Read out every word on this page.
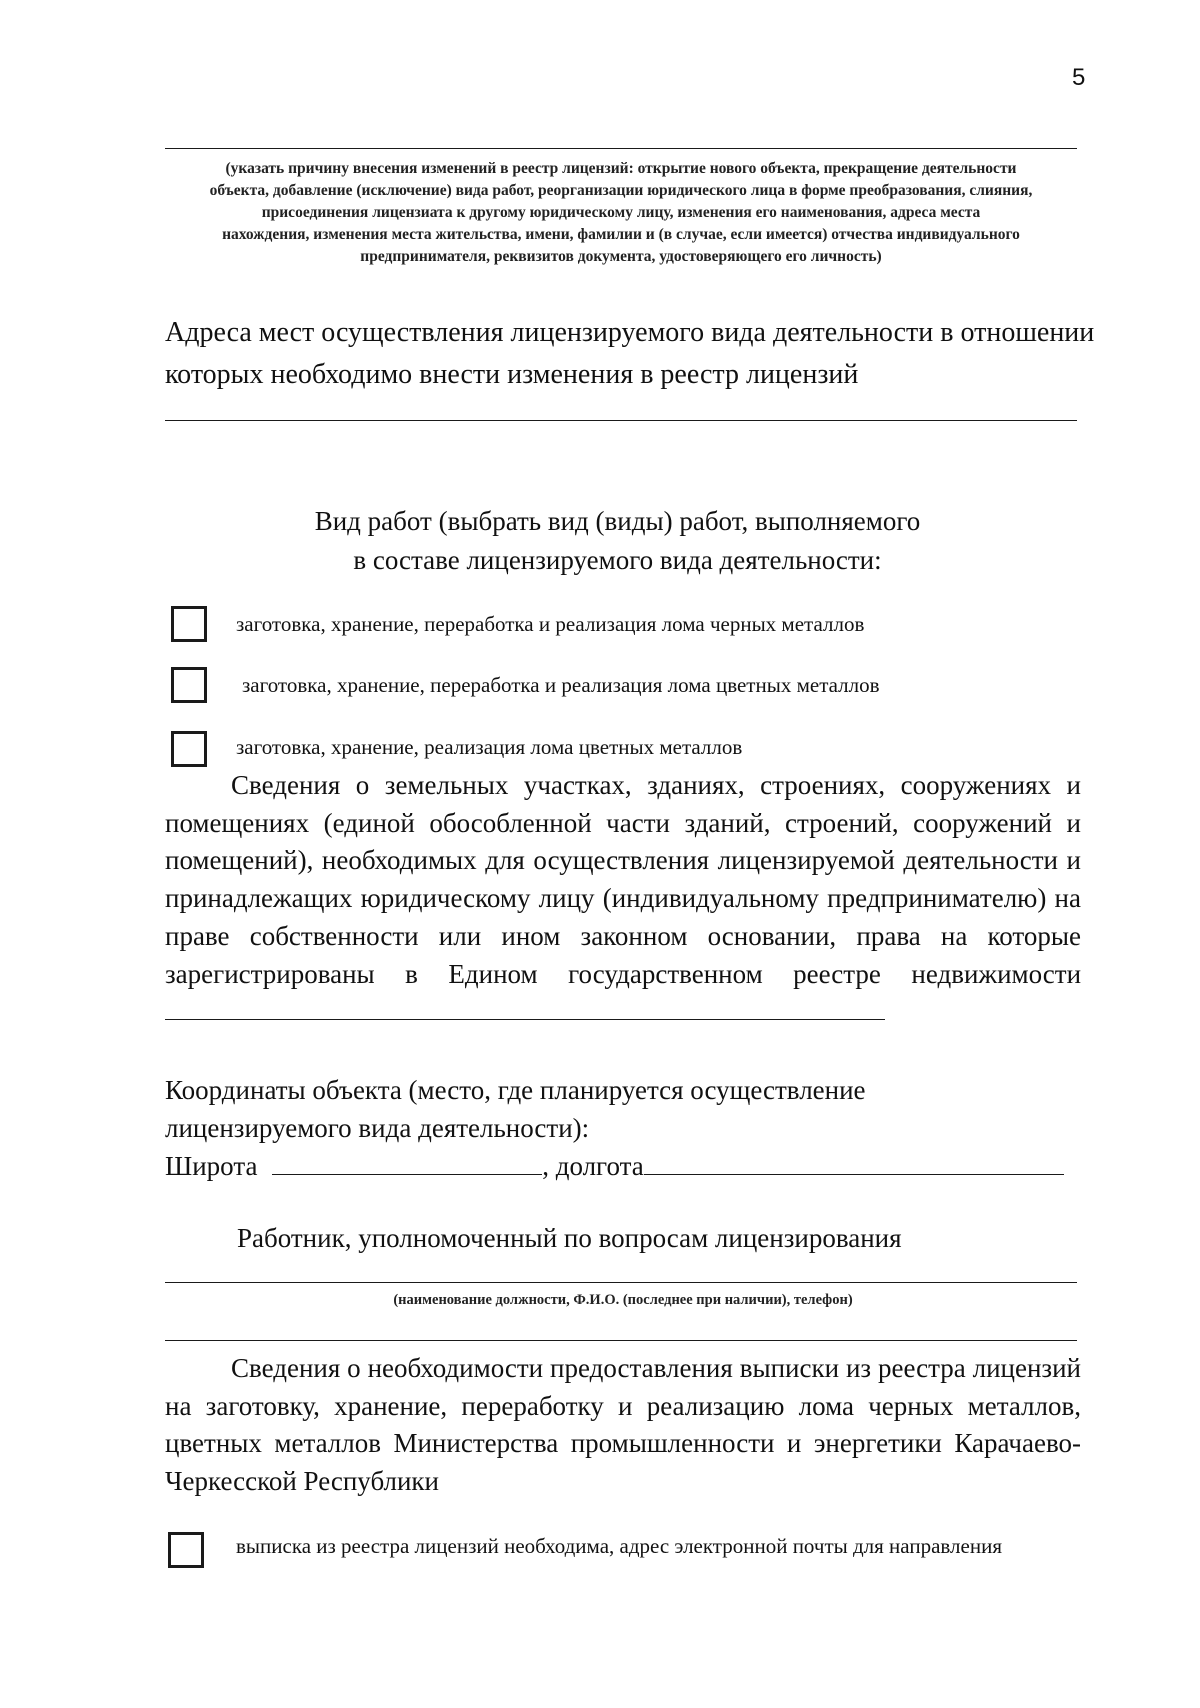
5
(указать причину внесения изменений в реестр лицензий: открытие нового объекта, прекращение деятельности
объекта, добавление (исключение) вида работ, реорганизации юридического лица в форме преобразования, слияния,
присоединения лицензиата к другому юридическому лицу, изменения его наименования, адреса места
нахождения, изменения места жительства, имени, фамилии и (в случае, если имеется) отчества индивидуального
предпринимателя, реквизитов документа, удостоверяющего его личность)
Адреса мест осуществления лицензируемого вида деятельности в отношении
которых необходимо внести изменения в реестр лицензий
Вид работ (выбрать вид (виды) работ, выполняемого
в составе лицензируемого вида деятельности:
заготовка, хранение, переработка и реализация лома черных металлов
заготовка, хранение, переработка и реализация лома цветных металлов
заготовка, хранение, реализация лома цветных металлов
Сведения о земельных участках, зданиях, строениях, сооружениях и помещениях (единой обособленной части зданий, строений, сооружений и помещений), необходимых для осуществления лицензируемой деятельности и принадлежащих юридическому лицу (индивидуальному предпринимателю) на праве собственности или ином законном основании, права на которые зарегистрированы в Едином государственном реестре недвижимости
Координаты объекта (место, где планируется осуществление
лицензируемого вида деятельности):
Широта	, долгота
Работник, уполномоченный по вопросам лицензирования
(наименование должности, Ф.И.О. (последнее при наличии), телефон)
Сведения о необходимости предоставления выписки из реестра лицензий на заготовку, хранение, переработку и реализацию лома черных металлов, цветных металлов Министерства промышленности и энергетики Карачаево-Черкесской Республики
выписка из реестра лицензий необходима, адрес электронной почты для направления
